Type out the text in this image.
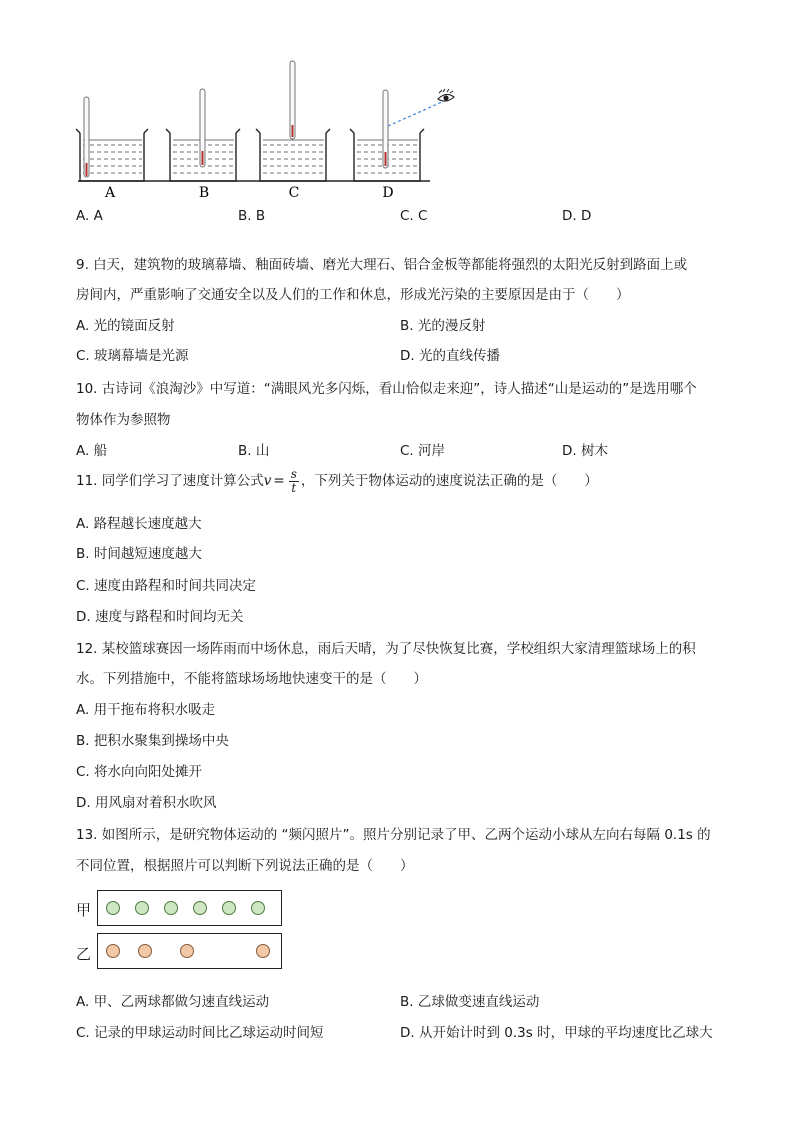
A	B	C	D
A. A	B. B	C. C	D. D
9. 白天，建筑物的玻璃幕墙、釉面砖墙、磨光大理石、铝合金板等都能将强烈的太阳光反射到路面上或
房间内，严重影响了交通安全以及人们的工作和休息，形成光污染的主要原因是由于（　　）
A. 光的镜面反射	B. 光的漫反射
C. 玻璃幕墙是光源	D. 光的直线传播
10. 古诗词《浪淘沙》中写道：“满眼风光多闪烁，看山恰似走来迎”，诗人描述“山是运动的”是选用哪个
物体作为参照物
A. 船	B. 山	C. 河岸	D. 树木
11. 同学们学习了速度计算公式$v = \frac{s}{t}$ ，下列关于物体运动的速度说法正确的是（　　）
A. 路程越长速度越大
B. 时间越短速度越大
C. 速度由路程和时间共同决定
D. 速度与路程和时间均无关
12. 某校篮球赛因一场阵雨而中场休息，雨后天晴，为了尽快恢复比赛，学校组织大家清理篮球场上的积
水。下列措施中，不能将篮球场场地快速变干的是（　　）
A. 用干拖布将积水吸走
B. 把积水聚集到操场中央
C. 将水向向阳处摊开
D. 用风扇对着积水吹风
13. 如图所示，是研究物体运动的 “频闪照片”。照片分别记录了甲、乙两个运动小球从左向右每隔 0.1s 的
不同位置，根据照片可以判断下列说法正确的是（　　）
甲
乙
A. 甲、乙两球都做匀速直线运动	B. 乙球做变速直线运动
C. 记录的甲球运动时间比乙球运动时间短	D. 从开始计时到 0.3s 时，甲球的平均速度比乙球大
